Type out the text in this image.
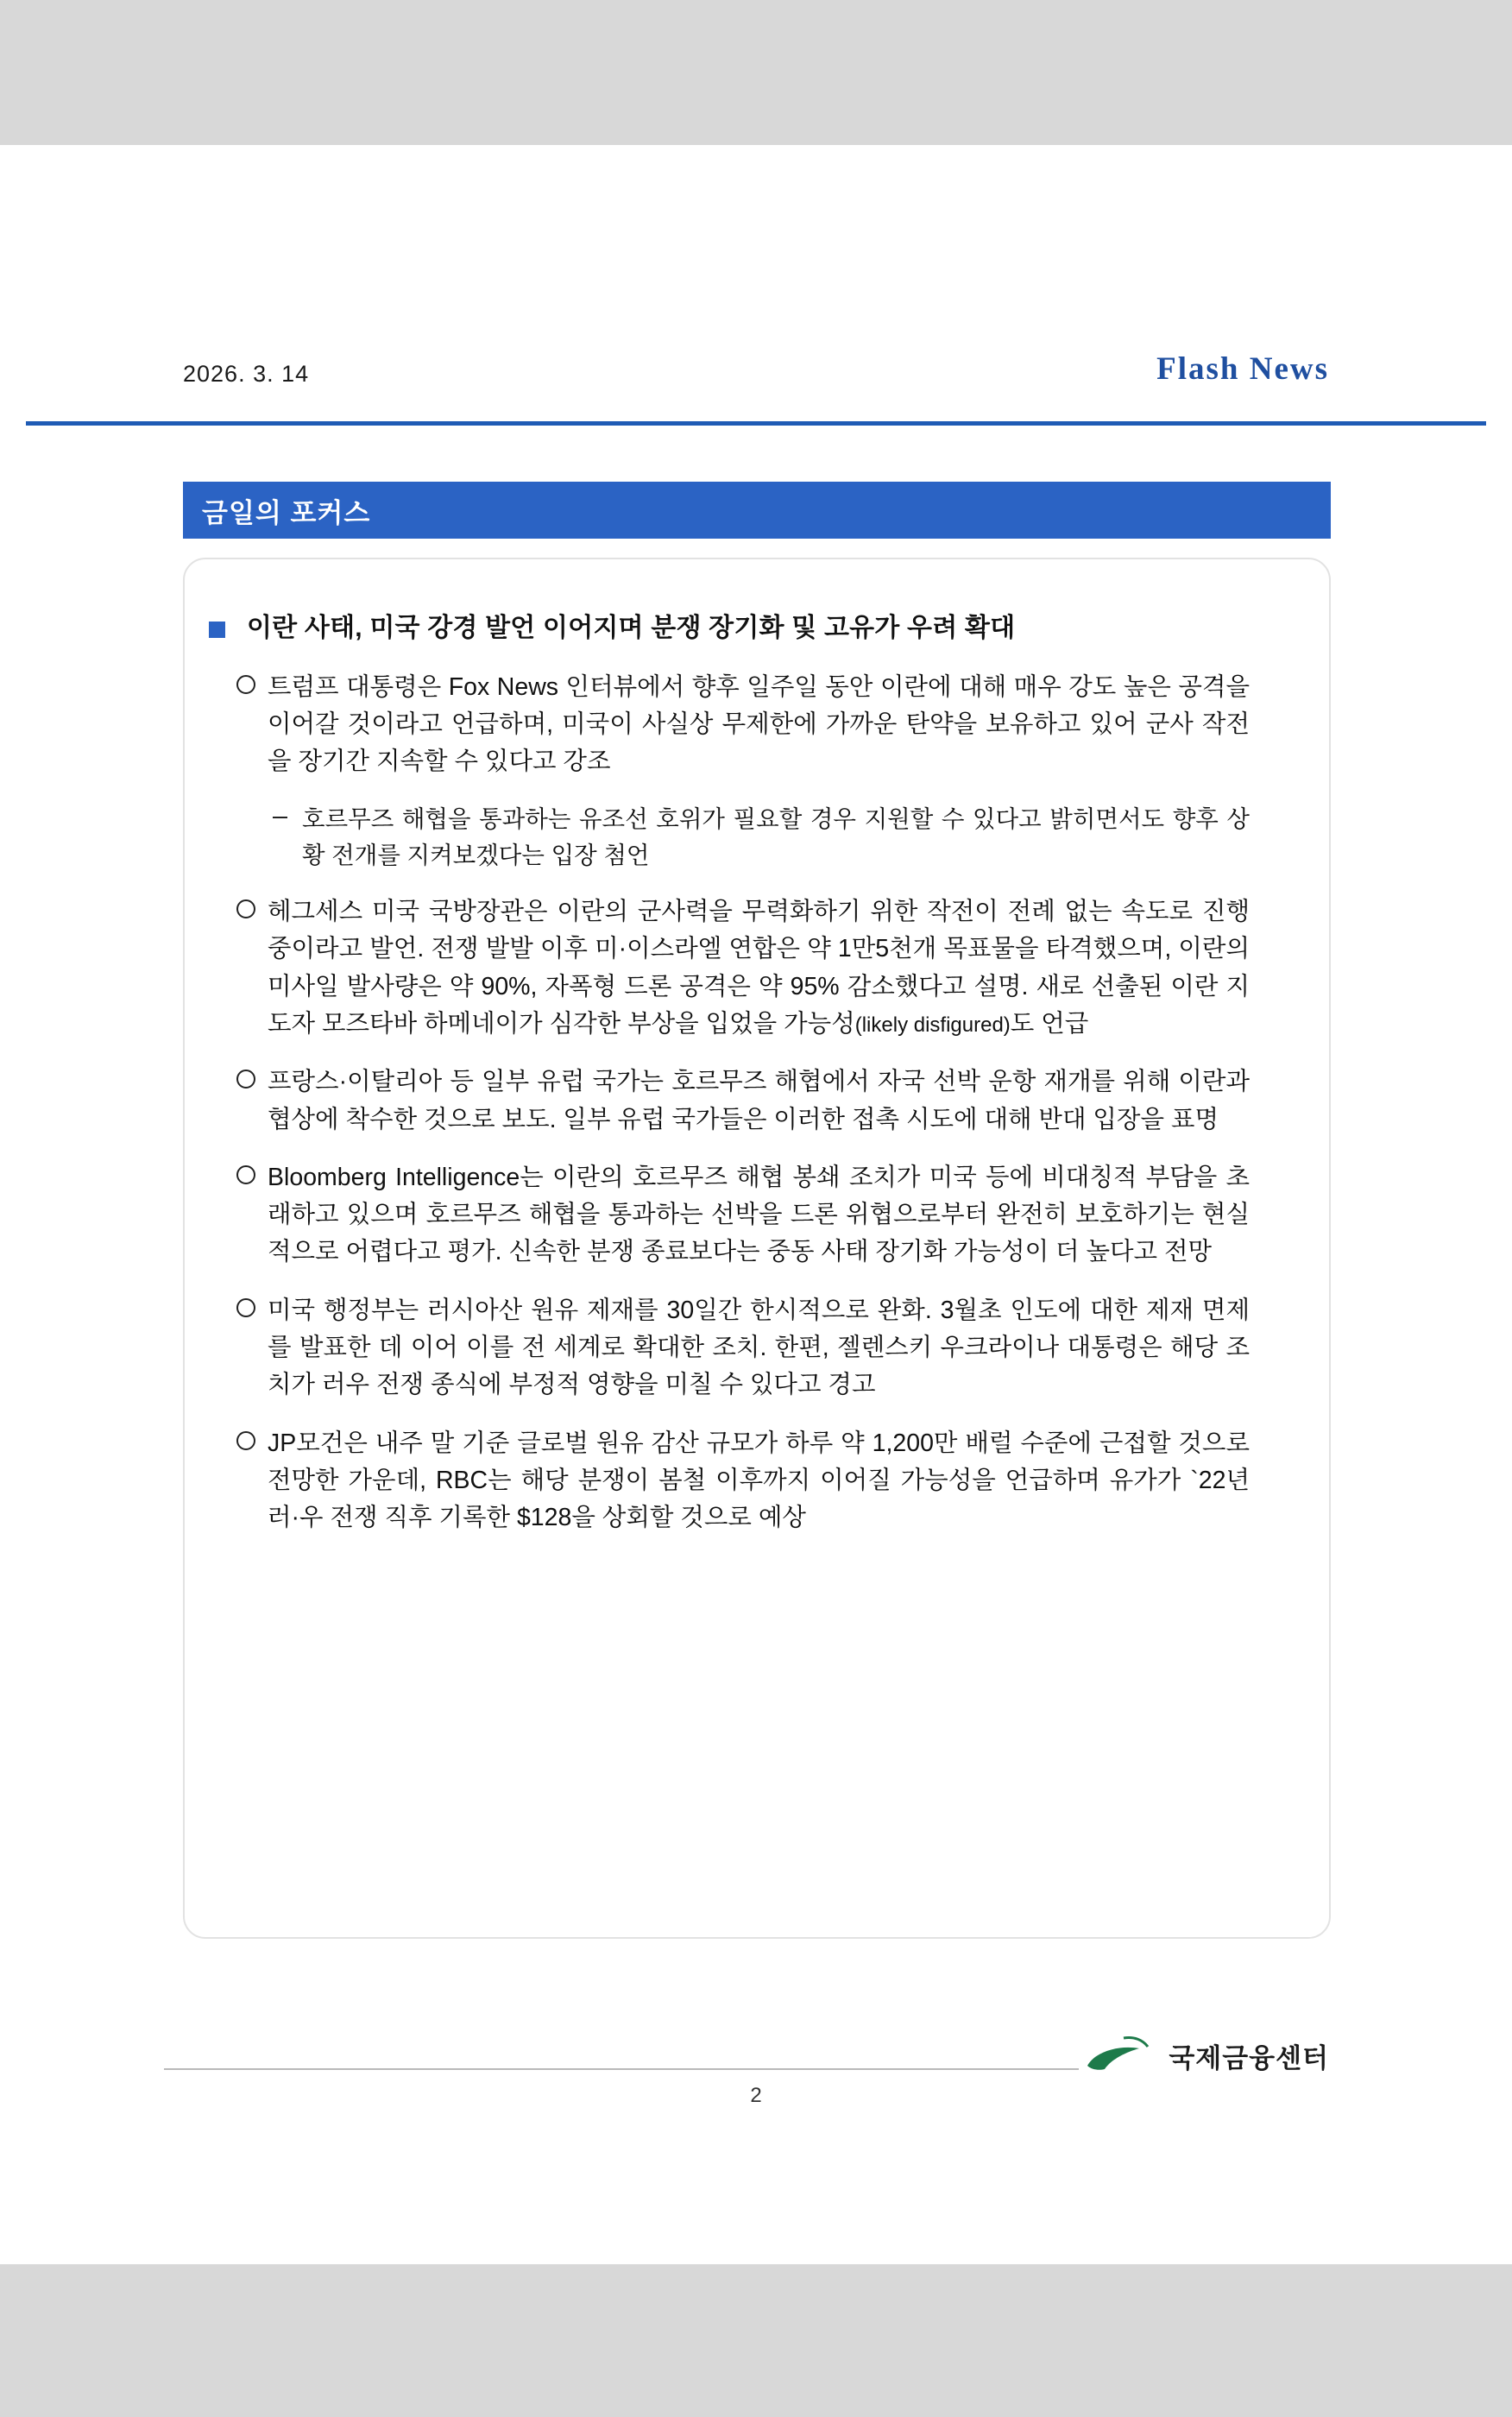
2026. 3. 14	Flash News
금일의 포커스
이란 사태, 미국 강경 발언 이어지며 분쟁 장기화 및 고유가 우려 확대

트럼프 대통령은 Fox News 인터뷰에서 향후 일주일 동안 이란에 대해 매우 강도 높은 공격을 이어갈 것이라고 언급하며, 미국이 사실상 무제한에 가까운 탄약을 보유하고 있어 군사 작전을 장기간 지속할 수 있다고 강조

호르무즈 해협을 통과하는 유조선 호위가 필요할 경우 지원할 수 있다고 밝히면서도 향후 상황 전개를 지켜보겠다는 입장 첨언

헤그세스 미국 국방장관은 이란의 군사력을 무력화하기 위한 작전이 전례 없는 속도로 진행 중이라고 발언. 전쟁 발발 이후 미·이스라엘 연합은 약 1만5천개 목표물을 타격했으며, 이란의 미사일 발사량은 약 90%, 자폭형 드론 공격은 약 95% 감소했다고 설명. 새로 선출된 이란 지도자 모즈타바 하메네이가 심각한 부상을 입었을 가능성(likely disfigured)도 언급

프랑스·이탈리아 등 일부 유럽 국가는 호르무즈 해협에서 자국 선박 운항 재개를 위해 이란과 협상에 착수한 것으로 보도. 일부 유럽 국가들은 이러한 접촉 시도에 대해 반대 입장을 표명

Bloomberg Intelligence는 이란의 호르무즈 해협 봉쇄 조치가 미국 등에 비대칭적 부담을 초래하고 있으며 호르무즈 해협을 통과하는 선박을 드론 위협으로부터 완전히 보호하기는 현실적으로 어렵다고 평가. 신속한 분쟁 종료보다는 중동 사태 장기화 가능성이 더 높다고 전망

미국 행정부는 러시아산 원유 제재를 30일간 한시적으로 완화. 3월초 인도에 대한 제재 면제를 발표한 데 이어 이를 전 세계로 확대한 조치. 한편, 젤렌스키 우크라이나 대통령은 해당 조치가 러우 전쟁 종식에 부정적 영향을 미칠 수 있다고 경고

JP모건은 내주 말 기준 글로벌 원유 감산 규모가 하루 약 1,200만 배럴 수준에 근접할 것으로 전망한 가운데, RBC는 해당 분쟁이 봄철 이후까지 이어질 가능성을 언급하며 유가가 `22년 러·우 전쟁 직후 기록한 $128을 상회할 것으로 예상

2
국제금융센터
